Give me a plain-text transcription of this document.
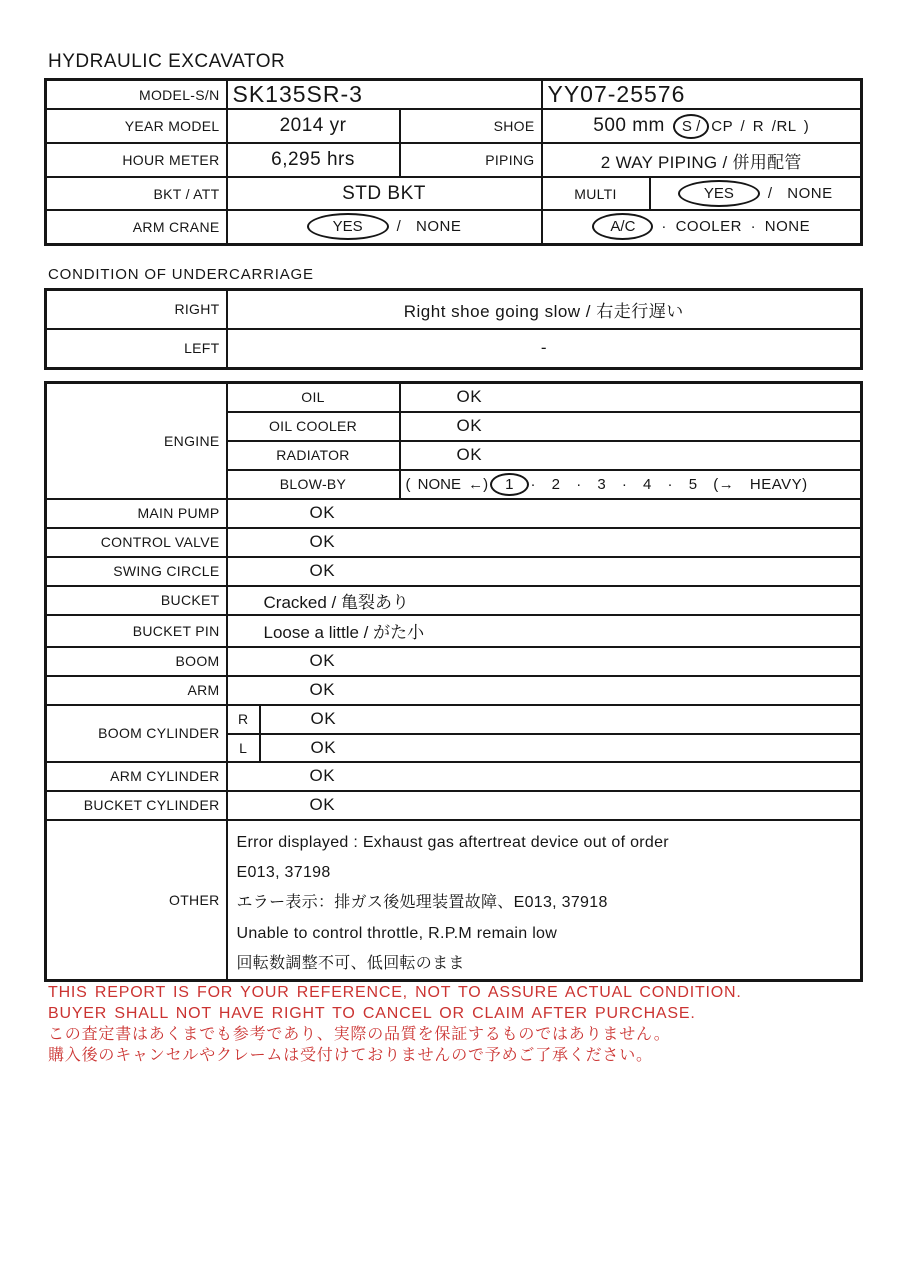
HYDRAULIC EXCAVATOR
MODEL-S/N	SK135SR-3		YY07-25576	
YEAR MODEL	2014 yr	SHOE	500 mm S / CP / R /RL )	
HOUR METER	6,295 hrs	PIPING	2 WAY PIPING / 併用配管	
BKT / ATT	STD BKT		MULTI	YES / NONE
ARM CRANE	YES / NONE		A/C · COOLER · NONE	
CONDITION OF UNDERCARRIAGE
RIGHT	Right shoe going slow / 右走行遅い
LEFT	-
ENGINE	OIL		OK
	OIL COOLER		OK
	RADIATOR		OK
	BLOW-BY		( NONE ←) 1 · 2 · 3 · 4 · 5 (→ HEAVY)
MAIN PUMP	OK		
CONTROL VALVE	OK		
SWING CIRCLE	OK		
BUCKET	Cracked / 亀裂あり		
BUCKET PIN	Loose a little / がた小		
BOOM	OK		
ARM	OK		
BOOM CYLINDER	R	OK	
	L	OK	
ARM CYLINDER	OK		
BUCKET CYLINDER	OK		
OTHER	Error displayed : Exhaust gas aftertreat device out of order
E013, 37198
エラー表示：排ガス後処理装置故障、E013, 37918
Unable to control throttle, R.P.M remain low
回転数調整不可、低回転のまま		
THIS REPORT IS FOR YOUR REFERENCE, NOT TO ASSURE ACTUAL CONDITION.
BUYER SHALL NOT HAVE RIGHT TO CANCEL OR CLAIM AFTER PURCHASE.
この査定書はあくまでも参考であり、実際の品質を保証するものではありません。
購入後のキャンセルやクレームは受付けておりませんので予めご了承ください。
